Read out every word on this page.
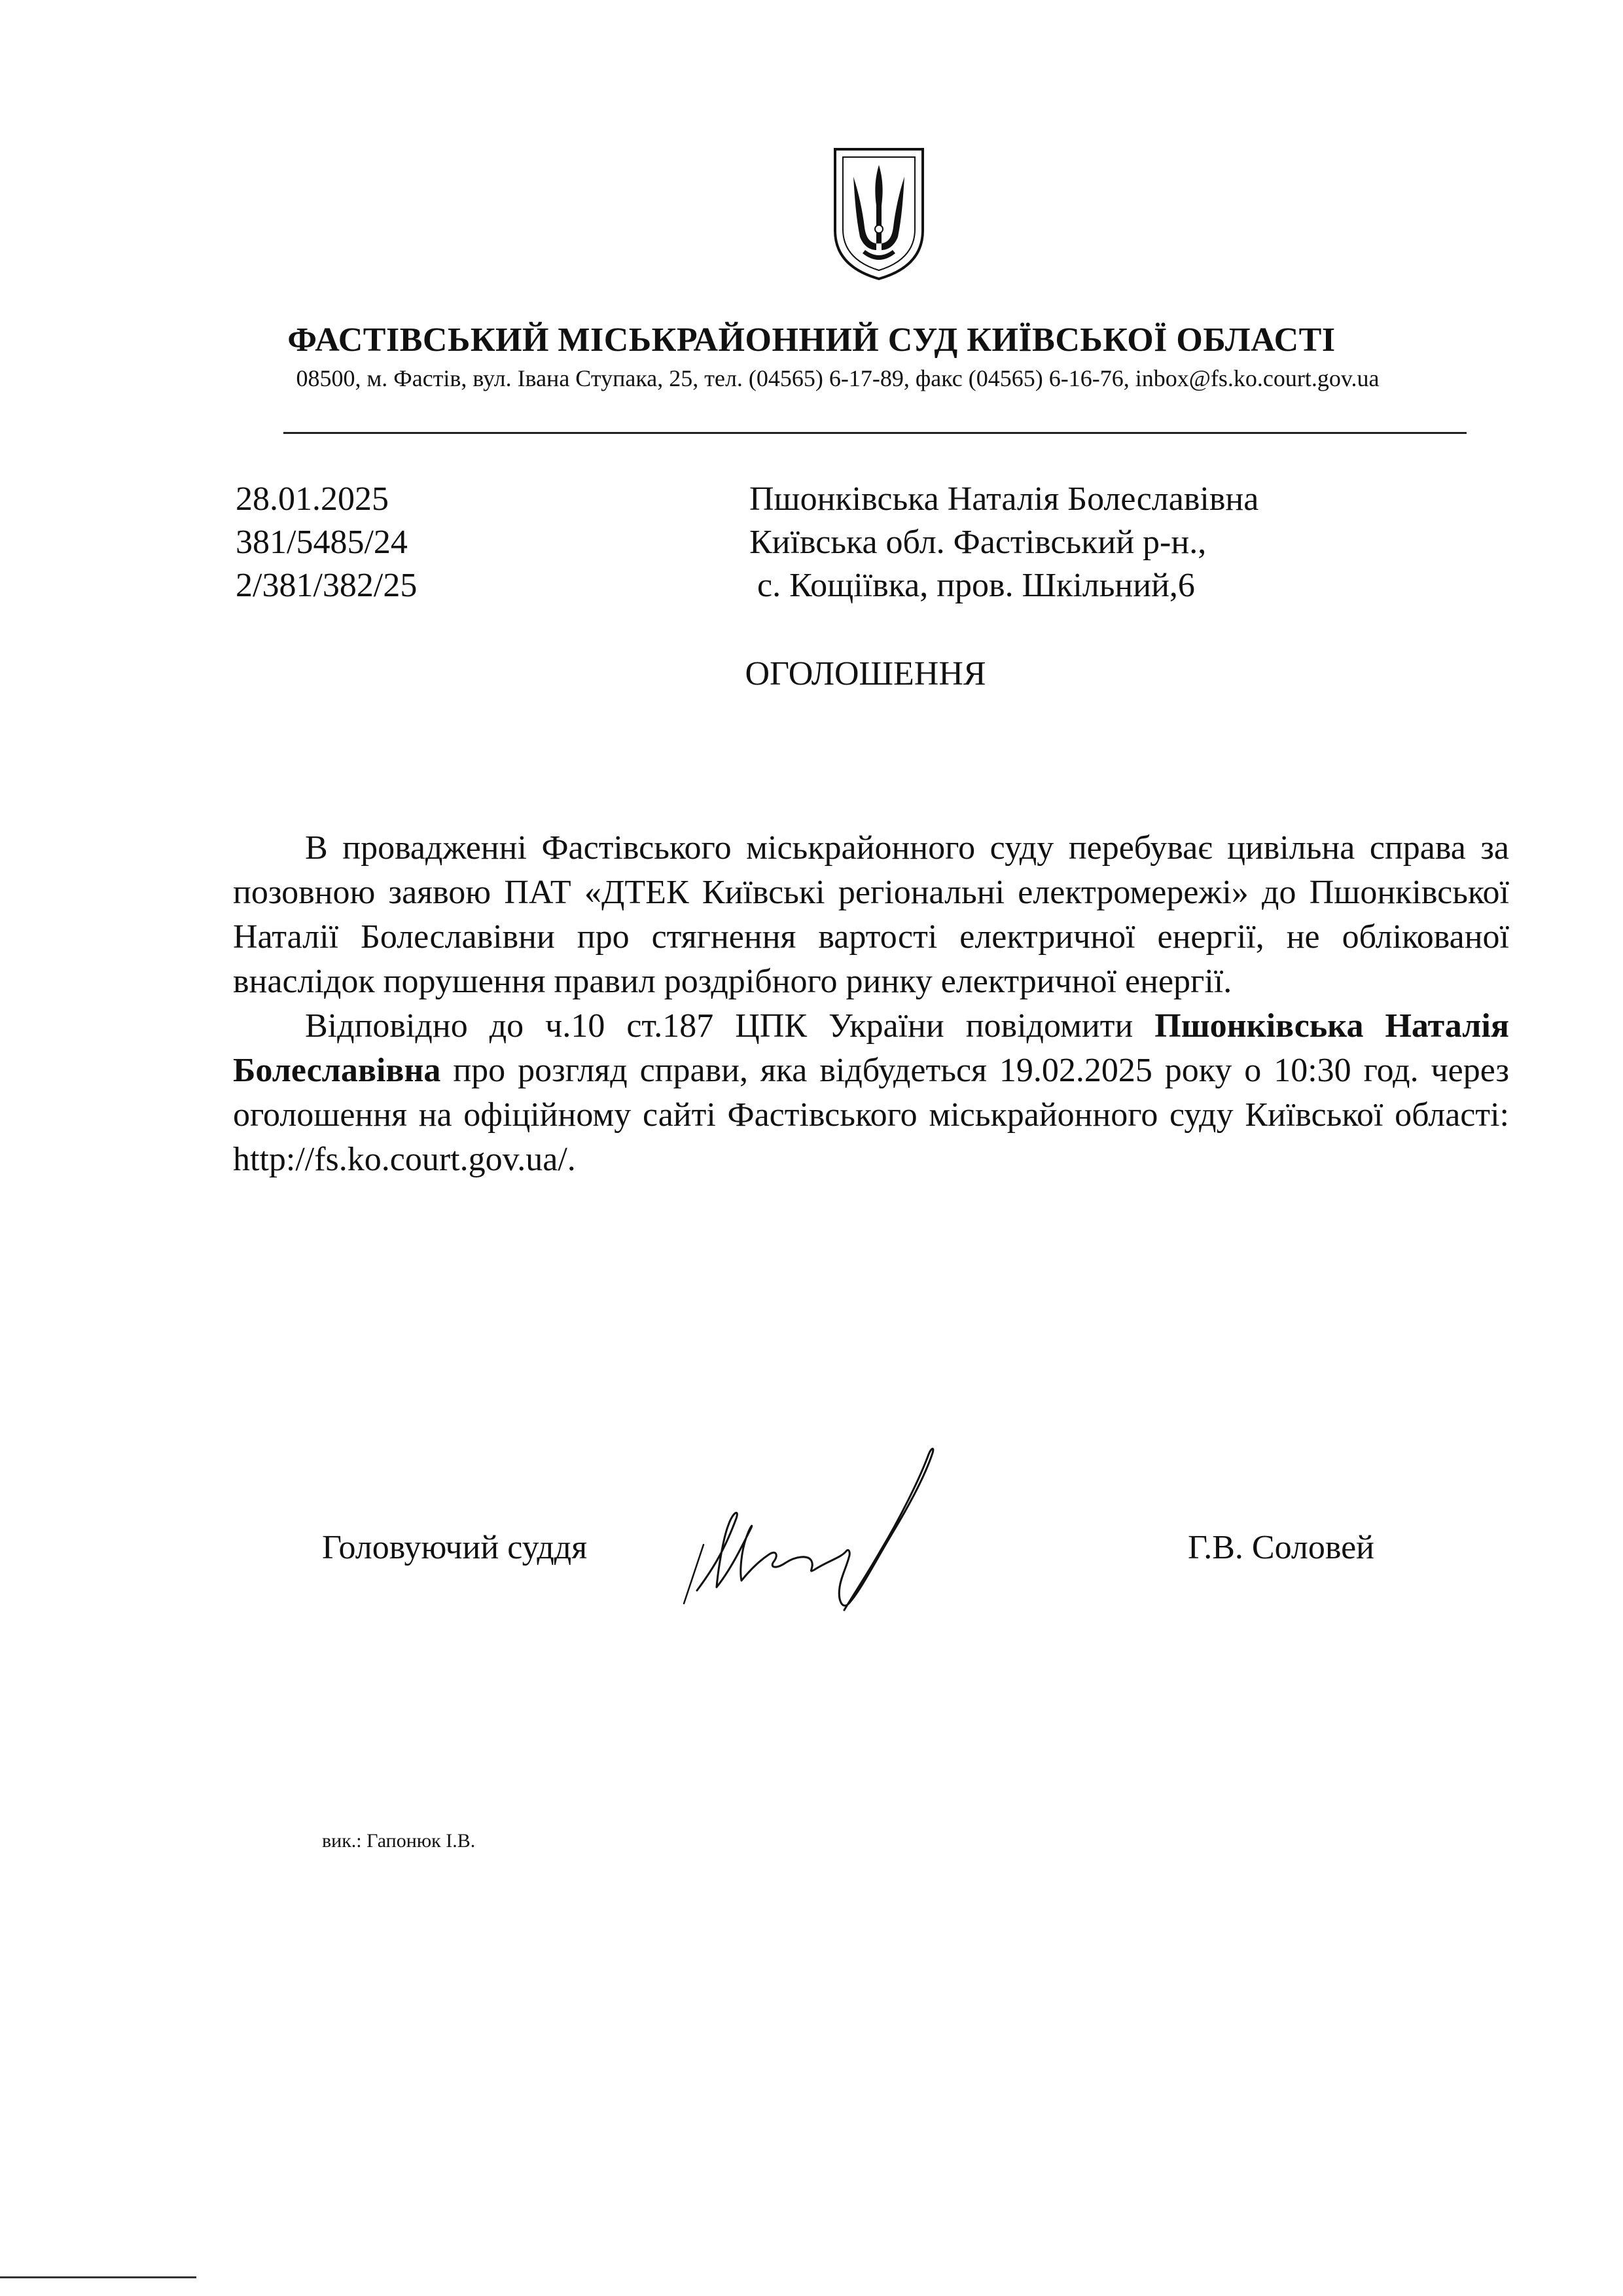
ФАСТІВСЬКИЙ МІСЬКРАЙОННИЙ СУД КИЇВСЬКОЇ ОБЛАСТІ
08500, м. Фастів, вул. Івана Ступака, 25, тел. (04565) 6-17-89, факс (04565) 6-16-76, inbox@fs.ko.court.gov.ua
28.01.2025
381/5485/24
2/381/382/25
Пшонківська Наталія Болеславівна
Київська обл. Фастівський р-н.,
с. Кощіївка, пров. Шкільний,6
ОГОЛОШЕННЯ

В провадженні Фастівського міськрайонного суду перебуває цивільна справа за позовною заявою ПАТ «ДТЕК Київські регіональні електромережі» до Пшонківської Наталії Болеславівни про стягнення вартості електричної енергії, не облікованої внаслідок порушення правил роздрібного ринку електричної енергії.

Відповідно до ч.10 ст.187 ЦПК України повідомити Пшонківська Наталія Болеславівна про розгляд справи, яка відбудеться 19.02.2025 року о 10:30 год. через оголошення на офіційному сайті Фастівського міськрайонного суду Київської області: http://fs.ko.court.gov.ua/.

Головуючий суддя	Г.В. Соловей
вик.: Гапонюк І.В.
